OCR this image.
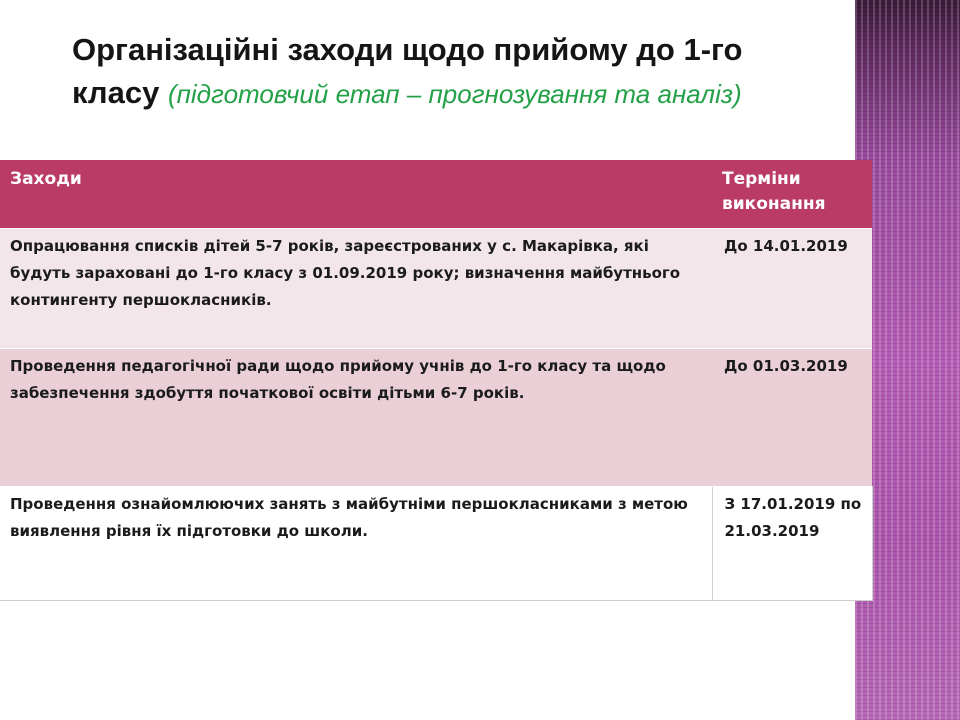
Організаційні заходи щодо прийому до 1-го класу (підготовчий етап – прогнозування та аналіз)
Заходи	Терміни виконання
Опрацювання списків дітей 5-7 років, зареєстрованих у с. Макарівка, які будуть зараховані до 1-го класу з 01.09.2019 року; визначення майбутнього контингенту першокласників.	До 14.01.2019
Проведення педагогічної ради щодо прийому учнів до 1-го класу та щодо забезпечення здобуття початкової освіти дітьми 6-7 років.	До 01.03.2019
Проведення ознайомлюючих занять з майбутніми першокласниками з метою виявлення рівня їх підготовки до школи.	З 17.01.2019 по 21.03.2019
